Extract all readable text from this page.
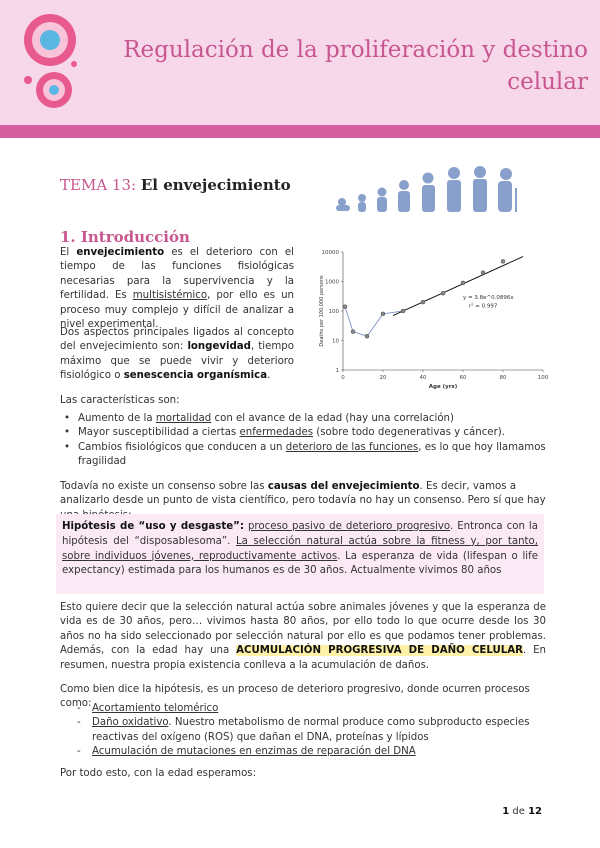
Regulación de la proliferación y destino
celular
TEMA 13: El envejecimiento
1. Introducción
El envejecimiento es el deterioro con el tiempo de las funciones fisiológicas necesarias para la supervivencia y la fertilidad. Es multisistémico, por ello es un proceso muy complejo y difícil de analizar a nivel experimental.
Dos aspectos principales ligados al concepto del envejecimiento son: longevidad, tiempo máximo que se puede vivir y deterioro fisiológico o senescencia organísmica.	0	20	40	60	80	100
1
10
100
1000
10000
y = 3.8e^0.0896x
r² = 0.997
Age (yrs)
Deaths per 100,000 persons
Las características son:
• Aumento de la mortalidad con el avance de la edad (hay una correlación)
• Mayor susceptibilidad a ciertas enfermedades (sobre todo degenerativas y cáncer).
• Cambios fisiológicos que conducen a un deterioro de las funciones, es lo que hoy llamamos fragilidad
Todavía no existe un consenso sobre las causas del envejecimiento. Es decir, vamos a analizarlo desde un punto de vista científico, pero todavía no hay un consenso. Pero sí que hay
Hipótesis de “uso y desgaste”: proceso pasivo de deterioro progresivo. Entronca con la hipótesis del “disposablesoma”. La selección natural actúa sobre la fitness y, por tanto, sobre individuos jóvenes, reproductivamente activos. La esperanza de vida (lifespan o life expectancy) estimada para los humanos es de 30 años. Actualmente vivimos 80 años
Esto quiere decir que la selección natural actúa sobre animales jóvenes y que la esperanza de vida es de 30 años, pero… vivimos hasta 80 años, por ello todo lo que ocurre desde los 30 años no ha sido seleccionado por selección natural por ello es que podamos tener problemas. Además, con la edad hay una ACUMULACIÓN PROGRESIVA DE DAÑO CELULAR. En resumen, nuestra propia existencia conlleva a la acumulación de daños.
Como bien dice la hipótesis, es un proceso de deterioro progresivo, donde ocurren procesos como:
- Acortamiento telomérico
- Daño oxidativo. Nuestro metabolismo de normal produce como subproducto especies reactivas del oxígeno (ROS) que dañan el DNA, proteínas y lípidos
- Acumulación de mutaciones en enzimas de reparación del DNA
Por todo esto, con la edad esperamos:
1 de 12
